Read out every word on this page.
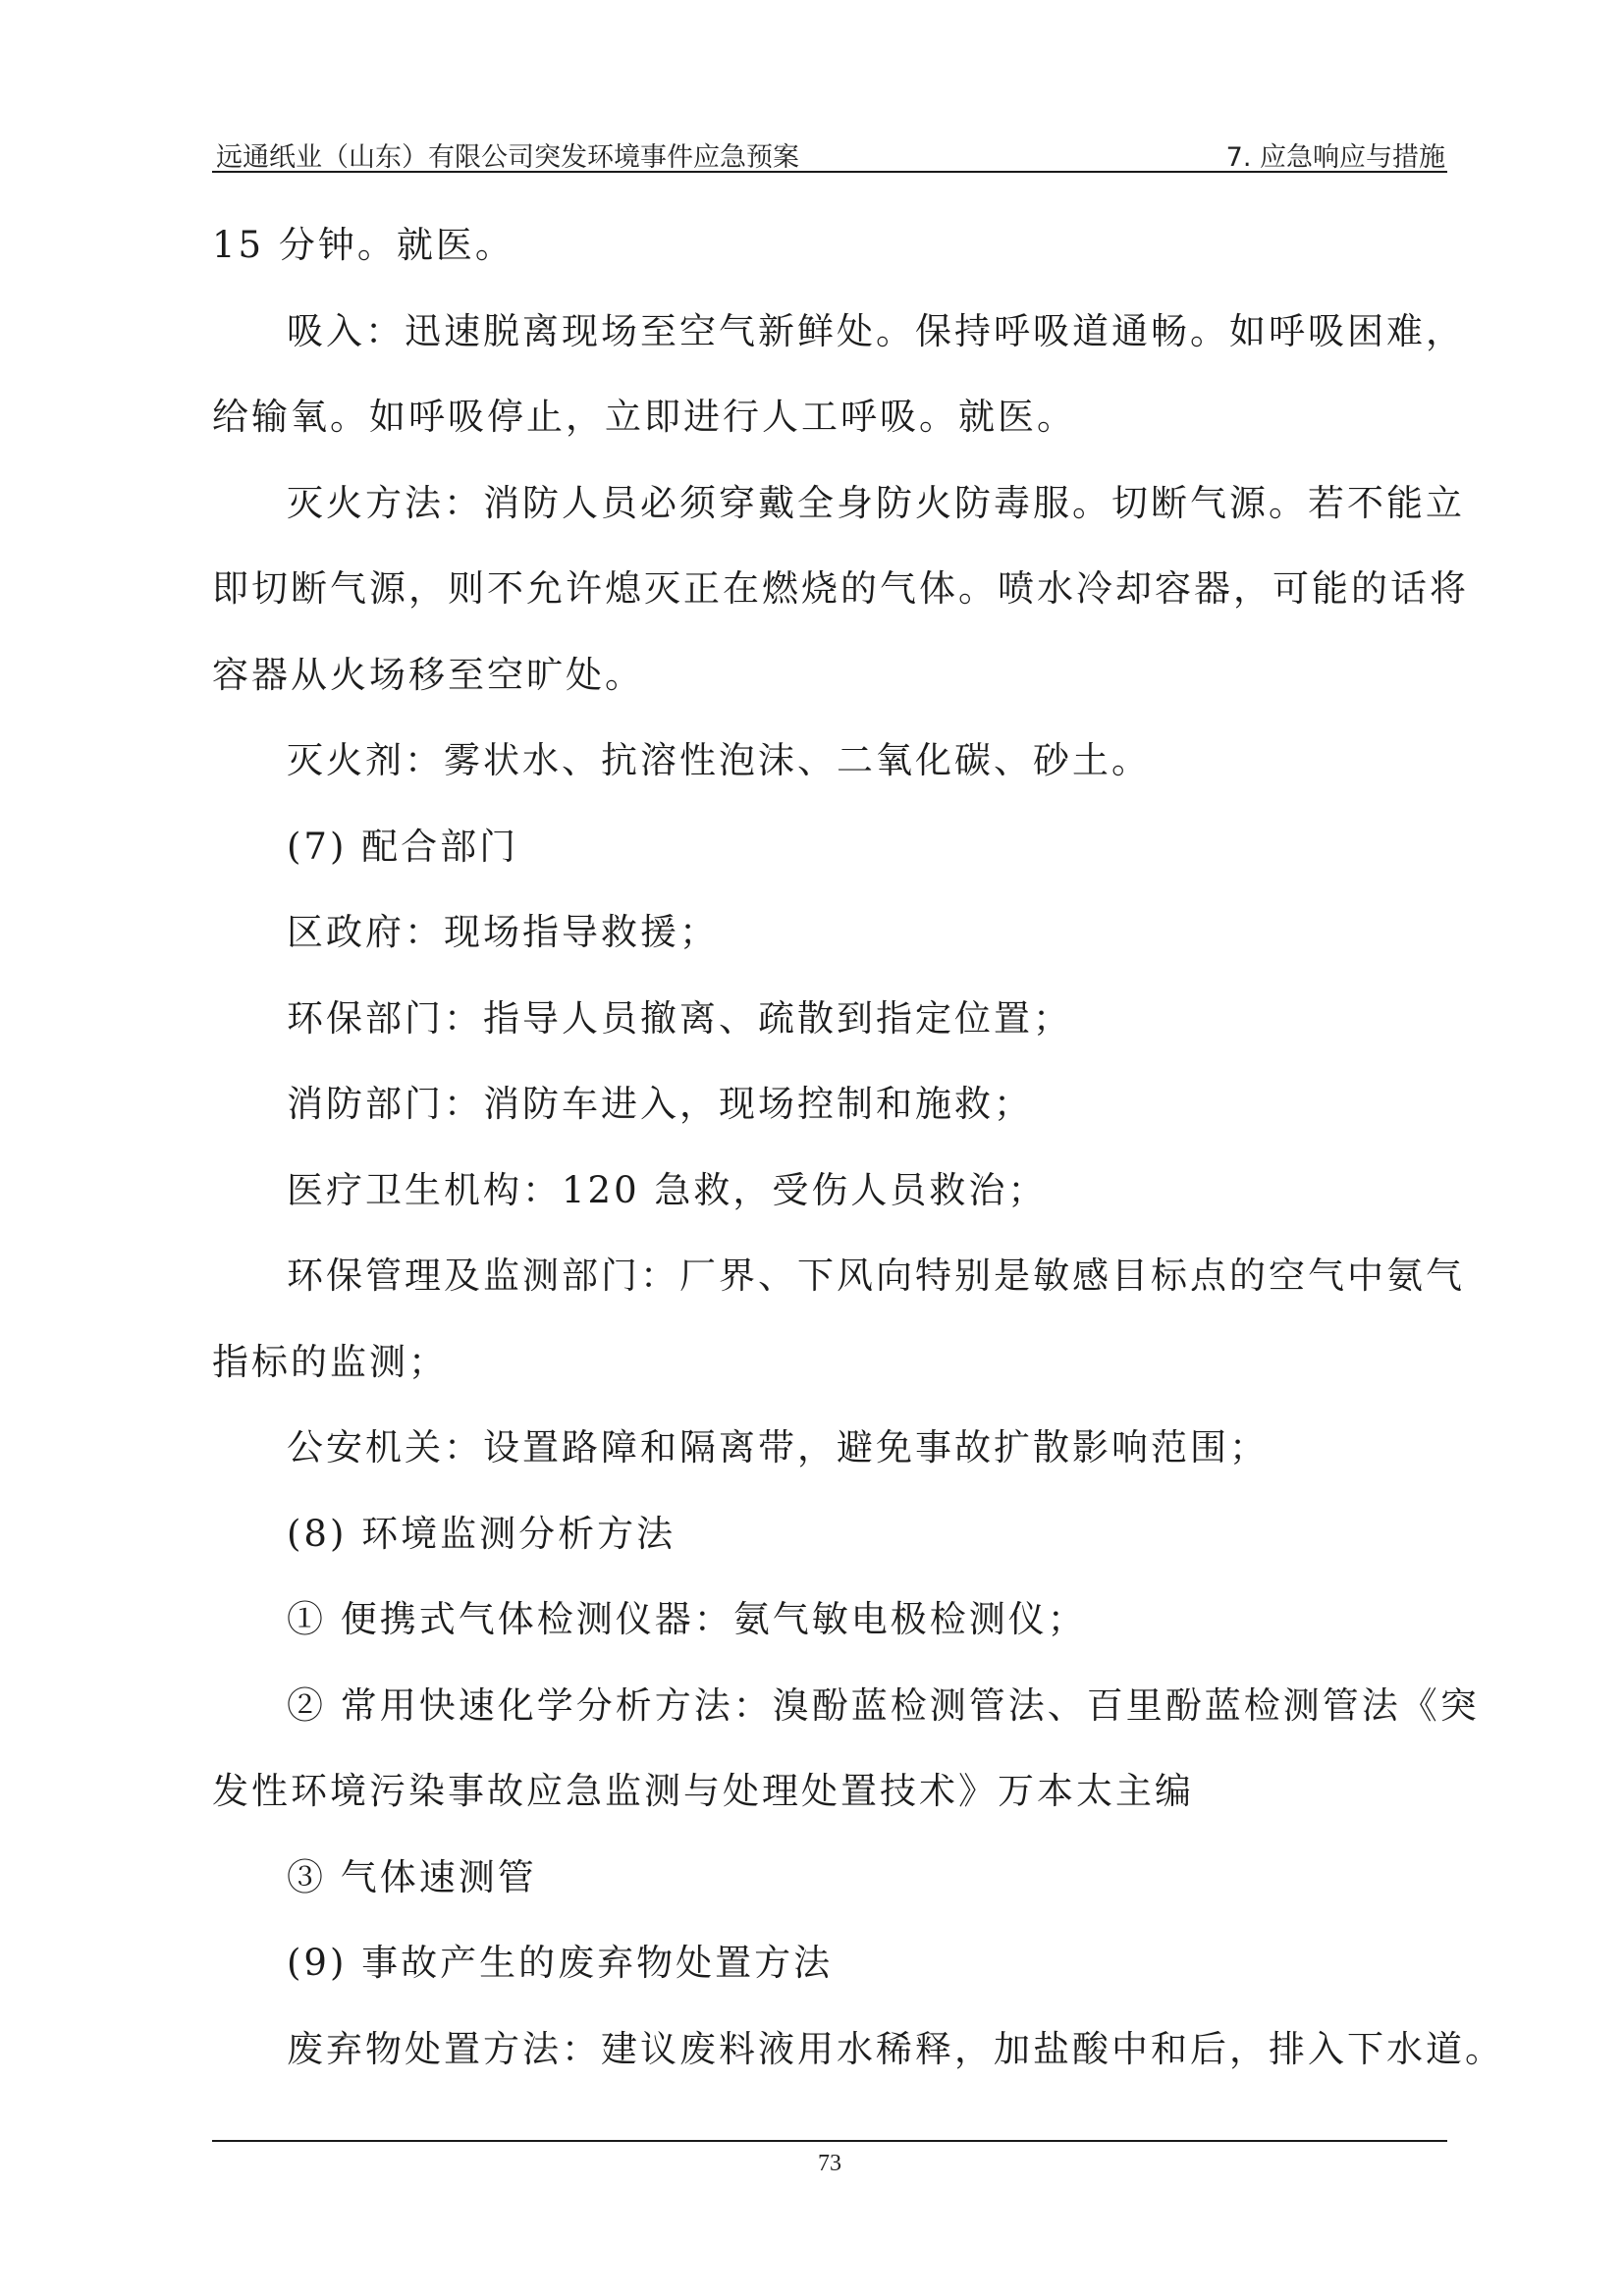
远通纸业（山东）有限公司突发环境事件应急预案	7. 应急响应与措施

15 分钟。就医。

吸入：迅速脱离现场至空气新鲜处。保持呼吸道通畅。如呼吸困难，

给输氧。如呼吸停止，立即进行人工呼吸。就医。

灭火方法：消防人员必须穿戴全身防火防毒服。切断气源。若不能立

即切断气源，则不允许熄灭正在燃烧的气体。喷水冷却容器，可能的话将

容器从火场移至空旷处。

灭火剂：雾状水、抗溶性泡沫、二氧化碳、砂土。

(7) 配合部门

区政府：现场指导救援；

环保部门：指导人员撤离、疏散到指定位置；

消防部门：消防车进入，现场控制和施救；

医疗卫生机构：120 急救，受伤人员救治；

环保管理及监测部门：厂界、下风向特别是敏感目标点的空气中氨气

指标的监测；

公安机关：设置路障和隔离带，避免事故扩散影响范围；

(8) 环境监测分析方法

① 便携式气体检测仪器：氨气敏电极检测仪；

② 常用快速化学分析方法：溴酚蓝检测管法、百里酚蓝检测管法《突

发性环境污染事故应急监测与处理处置技术》万本太主编

③ 气体速测管

(9) 事故产生的废弃物处置方法

废弃物处置方法：建议废料液用水稀释，加盐酸中和后，排入下水道。

73
